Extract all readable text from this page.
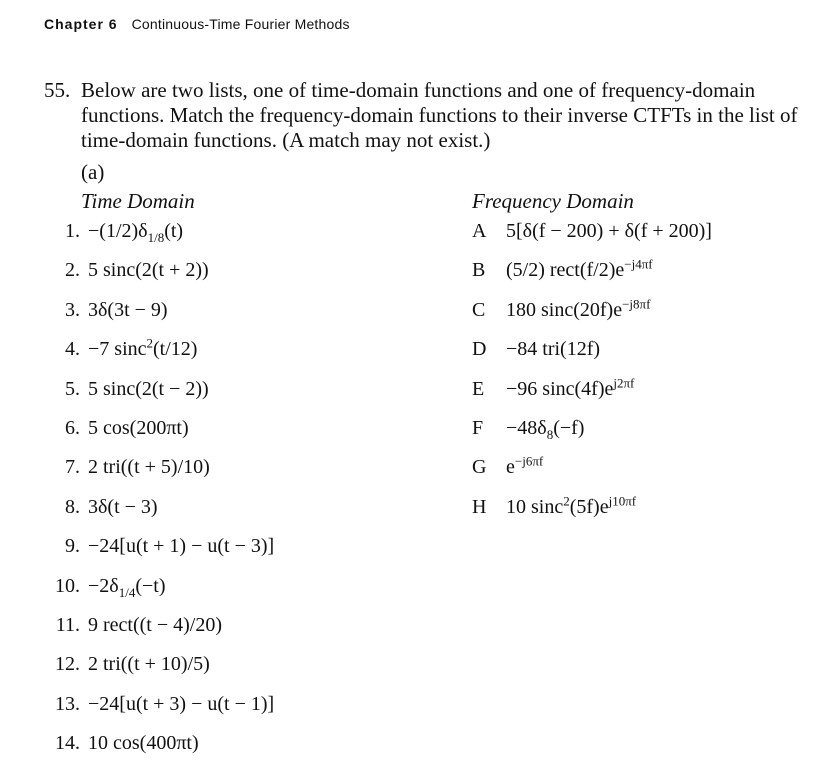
Chapter 6 Continuous-Time Fourier Methods
55. Below are two lists, one of time-domain functions and one of frequency-domain functions. Match the frequency-domain functions to their inverse CTFTs in the list of time-domain functions. (A match may not exist.)
(a)
Time Domain	Frequency Domain
1. $-(1/2)\delta_{1/8}(t)$
2. 5 sinc(2(t + 2))
3. 3δ(3t − 9)
4. −7 sinc$^2$(t/12)
5. 5 sinc(2(t − 2))
6. 5 cos(200πt)
7. 2 tri((t + 5)/10)
8. 3δ(t − 3)
9. −24[u(t + 1) − u(t − 3)]
10. $-2\delta_{1/4}(-t)$
11. 9 rect((t − 4)/20)
12. 2 tri((t + 10)/5)
13. −24[u(t + 3) − u(t − 1)]
14. 10 cos(400πt)
A 5[δ(f − 200) + δ(f + 200)]
B (5/2) $rect(f/2)e^{-j4\pi f}$
C 180 $\sin c(20f)e^{-j8\pi f}$
D −84 tri(12f)
E −96 $\sin c(4f)e^{j2\pi f}$
$F -48\delta_8(-f)$
G $e^{-j6\pi f}$
H 10 $\sin c^2(5f)e^{j10\pi f}$
